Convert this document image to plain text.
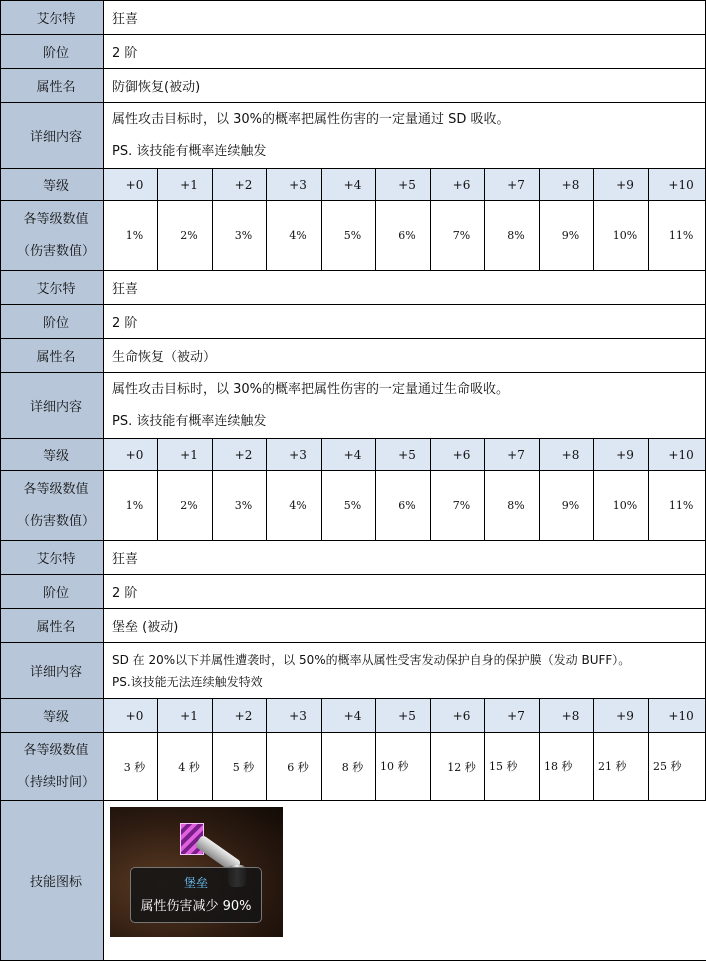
艾尔特	狂喜										
阶位	2 阶										
属性名	防御恢复(被动)										
详细内容	属性攻击目标时，以 30%的概率把属性伤害的一定量通过 SD 吸收。
PS. 该技能有概率连续触发										

等级	+0	+1	+2	+3	+4	+5	+6	+7	+8	+9	+10

各等级数值
（伤害数值）	1%	2%	3%	4%	5%	6%	7%	8%	9%	10%	11%
艾尔特	狂喜										
阶位	2 阶										
属性名	生命恢复（被动）										
详细内容	属性攻击目标时，以 30%的概率把属性伤害的一定量通过生命吸收。
PS. 该技能有概率连续触发										

等级	+0	+1	+2	+3	+4	+5	+6	+7	+8	+9	+10

各等级数值
（伤害数值）	1%	2%	3%	4%	5%	6%	7%	8%	9%	10%	11%
艾尔特	狂喜										
阶位	2 阶										
属性名	堡垒 (被动)										
详细内容	SD 在 20%以下并属性遭袭时，以 50%的概率从属性受害发动保护自身的保护膜（发动 BUFF）。
PS.该技能无法连续触发特效										

等级	+0	+1	+2	+3	+4	+5	+6	+7	+8	+9	+10

各等级数值
（持续时间）	3 秒	4 秒	5 秒	6 秒	8 秒	10 秒	12 秒	15 秒	18 秒	21 秒	25 秒
技能图标	堡垒
属性伤害减少 90%
